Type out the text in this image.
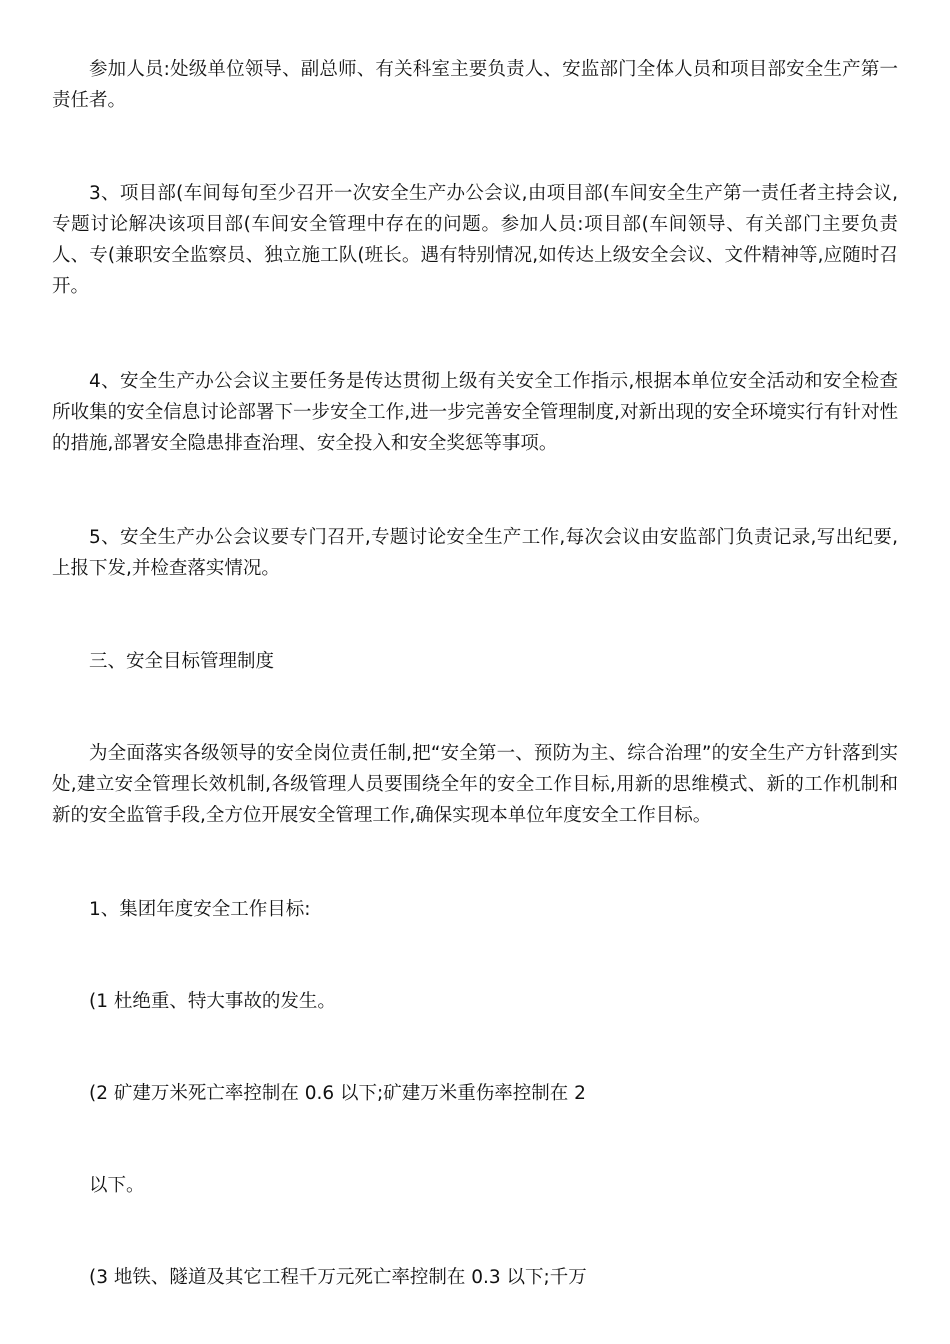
参加人员:处级单位领导、副总师、有关科室主要负责人、安监部门全体人员和项目部安全生产第一责任者。

3、项目部(车间每旬至少召开一次安全生产办公会议,由项目部(车间安全生产第一责任者主持会议,专题讨论解决该项目部(车间安全管理中存在的问题。参加人员:项目部(车间领导、有关部门主要负责人、专(兼职安全监察员、独立施工队(班长。遇有特别情况,如传达上级安全会议、文件精神等,应随时召开。

4、安全生产办公会议主要任务是传达贯彻上级有关安全工作指示,根据本单位安全活动和安全检查所收集的安全信息讨论部署下一步安全工作,进一步完善安全管理制度,对新出现的安全环境实行有针对性的措施,部署安全隐患排查治理、安全投入和安全奖惩等事项。

5、安全生产办公会议要专门召开,专题讨论安全生产工作,每次会议由安监部门负责记录,写出纪要,上报下发,并检查落实情况。

三、安全目标管理制度

为全面落实各级领导的安全岗位责任制,把“安全第一、预防为主、综合治理”的安全生产方针落到实处,建立安全管理长效机制,各级管理人员要围绕全年的安全工作目标,用新的思维模式、新的工作机制和新的安全监管手段,全方位开展安全管理工作,确保实现本单位年度安全工作目标。

1、集团年度安全工作目标:

(1 杜绝重、特大事故的发生。

(2 矿建万米死亡率控制在 0.6 以下;矿建万米重伤率控制在 2

以下。

(3 地铁、隧道及其它工程千万元死亡率控制在 0.3 以下;千万
